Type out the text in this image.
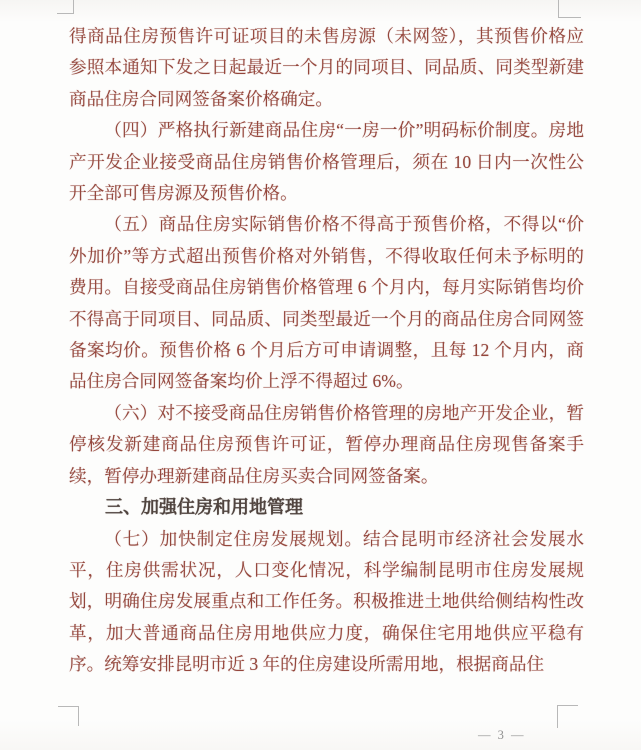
得商品住房预售许可证项目的未售房源（未网签），其预售价格应参照本通知下发之日起最近一个月的同项目、同品质、同类型新建商品住房合同网签备案价格确定。

（四）严格执行新建商品住房“一房一价”明码标价制度。房地产开发企业接受商品住房销售价格管理后，须在 10 日内一次性公开全部可售房源及预售价格。

（五）商品住房实际销售价格不得高于预售价格，不得以“价外加价”等方式超出预售价格对外销售，不得收取任何未予标明的费用。自接受商品住房销售价格管理 6 个月内，每月实际销售均价不得高于同项目、同品质、同类型最近一个月的商品住房合同网签备案均价。预售价格 6 个月后方可申请调整，且每 12 个月内，商品住房合同网签备案均价上浮不得超过 6%。

（六）对不接受商品住房销售价格管理的房地产开发企业，暂停核发新建商品住房预售许可证，暂停办理商品住房现售备案手续，暂停办理新建商品住房买卖合同网签备案。

三、加强住房和用地管理

（七）加快制定住房发展规划。结合昆明市经济社会发展水平，住房供需状况，人口变化情况，科学编制昆明市住房发展规划，明确住房发展重点和工作任务。积极推进土地供给侧结构性改革，加大普通商品住房用地供应力度，确保住宅用地供应平稳有序。统筹安排昆明市近 3 年的住房建设所需用地，根据商品住

— 3 —
